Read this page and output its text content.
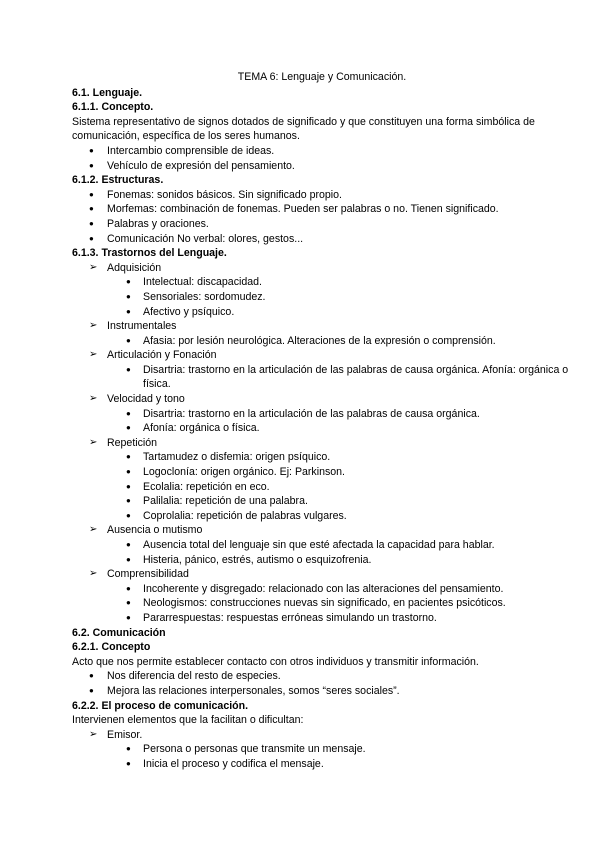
TEMA 6: Lenguaje y Comunicación.
6.1. Lenguaje.
6.1.1. Concepto.
Sistema representativo de signos dotados de significado y que constituyen una forma simbólica de comunicación, específica de los seres humanos.
● Intercambio comprensible de ideas.
● Vehículo de expresión del pensamiento.
6.1.2. Estructuras.
● Fonemas: sonidos básicos. Sin significado propio.
● Morfemas: combinación de fonemas. Pueden ser palabras o no. Tienen significado.
● Palabras y oraciones.
● Comunicación No verbal: olores, gestos...
6.1.3. Trastornos del Lenguaje.
➢ Adquisición
● Intelectual: discapacidad.
● Sensoriales: sordomudez.
● Afectivo y psíquico.
➢ Instrumentales
● Afasia: por lesión neurológica. Alteraciones de la expresión o comprensión.
➢ Articulación y Fonación
● Disartria: trastorno en la articulación de las palabras de causa orgánica. Afonía: orgánica o física.
➢ Velocidad y tono
● Disartria: trastorno en la articulación de las palabras de causa orgánica.
● Afonía: orgánica o física.
➢ Repetición
● Tartamudez o disfemia: origen psíquico.
● Logoclonía: origen orgánico. Ej: Parkinson.
● Ecolalia: repetición en eco.
● Palilalia: repetición de una palabra.
● Coprolalia: repetición de palabras vulgares.
➢ Ausencia o mutismo
● Ausencia total del lenguaje sin que esté afectada la capacidad para hablar.
● Histeria, pánico, estrés, autismo o esquizofrenia.
➢ Comprensibilidad
● Incoherente y disgregado: relacionado con las alteraciones del pensamiento.
● Neologismos: construcciones nuevas sin significado, en pacientes psicóticos.
● Pararrespuestas: respuestas erróneas simulando un trastorno.
6.2. Comunicación
6.2.1. Concepto
Acto que nos permite establecer contacto con otros individuos y transmitir información.
● Nos diferencia del resto de especies.
● Mejora las relaciones interpersonales, somos “seres sociales”.
6.2.2. El proceso de comunicación.
Intervienen elementos que la facilitan o dificultan:
➢ Emisor.
● Persona o personas que transmite un mensaje.
● Inicia el proceso y codifica el mensaje.
